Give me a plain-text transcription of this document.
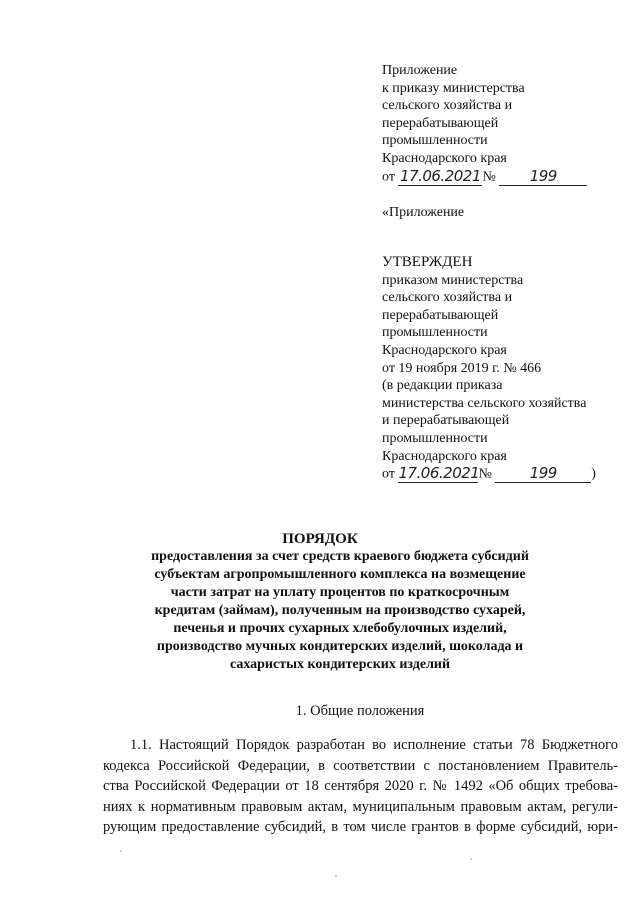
Приложение
к приказу министерства
сельского хозяйства и
перерабатывающей
промышленности
Краснодарского края
от 17.06.2021 № 199
«Приложение
УТВЕРЖДЕН
приказом министерства
сельского хозяйства и
перерабатывающей
промышленности
Краснодарского края
от 19 ноября 2019 г. № 466
(в редакции приказа
министерства сельского хозяйства
и перерабатывающей
промышленности
Краснодарского края
от 17.06.2021№	199 )
ПОРЯДОК
предоставления за счет средств краевого бюджета субсидий
субъектам агропромышленного комплекса на возмещение
части затрат на уплату процентов по краткосрочным
кредитам (займам), полученным на производство сухарей,
печенья и прочих сухарных хлебобулочных изделий,
производство мучных кондитерских изделий, шоколада и
сахаристых кондитерских изделий
1. Общие положения
1.1. Настоящий Порядок разработан во исполнение статьи 78 Бюджетного
кодекса Российской Федерации, в соответствии с постановлением Правитель-
ства Российской Федерации от 18 сентября 2020 г. № 1492 «Об общих требова-
ниях к нормативным правовым актам, муниципальным правовым актам, регули-
рующим предоставление субсидий, в том числе грантов в форме субсидий, юри-
